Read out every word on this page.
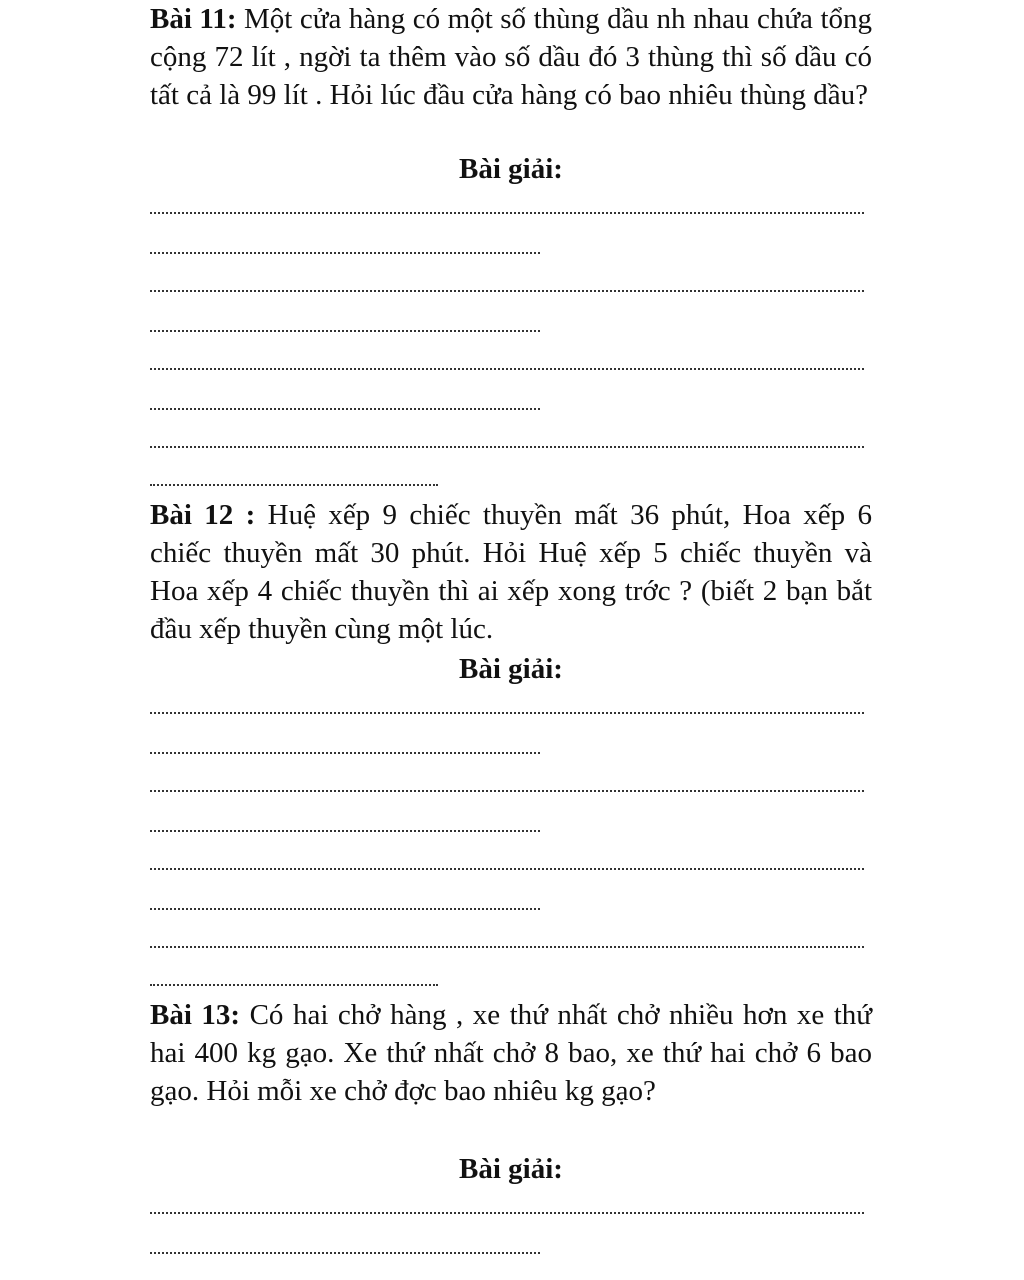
Bài 11: Một cửa hàng có một số thùng dầu nh nhau chứa tổng cộng 72 lít , ngời ta thêm vào số dầu đó 3 thùng thì số dầu có tất cả là 99 lít . Hỏi lúc đầu cửa hàng có bao nhiêu thùng dầu?

Bài giải:

Bài 12 : Huệ xếp 9 chiếc thuyền mất 36 phút, Hoa xếp 6 chiếc thuyền mất 30 phút. Hỏi Huệ xếp 5 chiếc thuyền và Hoa xếp 4 chiếc thuyền thì ai xếp xong trớc ? (biết 2 bạn bắt đầu xếp thuyền cùng một lúc.

Bài giải:

Bài 13: Có hai chở hàng , xe thứ nhất chở nhiều hơn xe thứ hai 400 kg gạo. Xe thứ nhất chở 8 bao, xe thứ hai chở 6 bao gạo. Hỏi mỗi xe chở đợc bao nhiêu kg gạo?

Bài giải:
